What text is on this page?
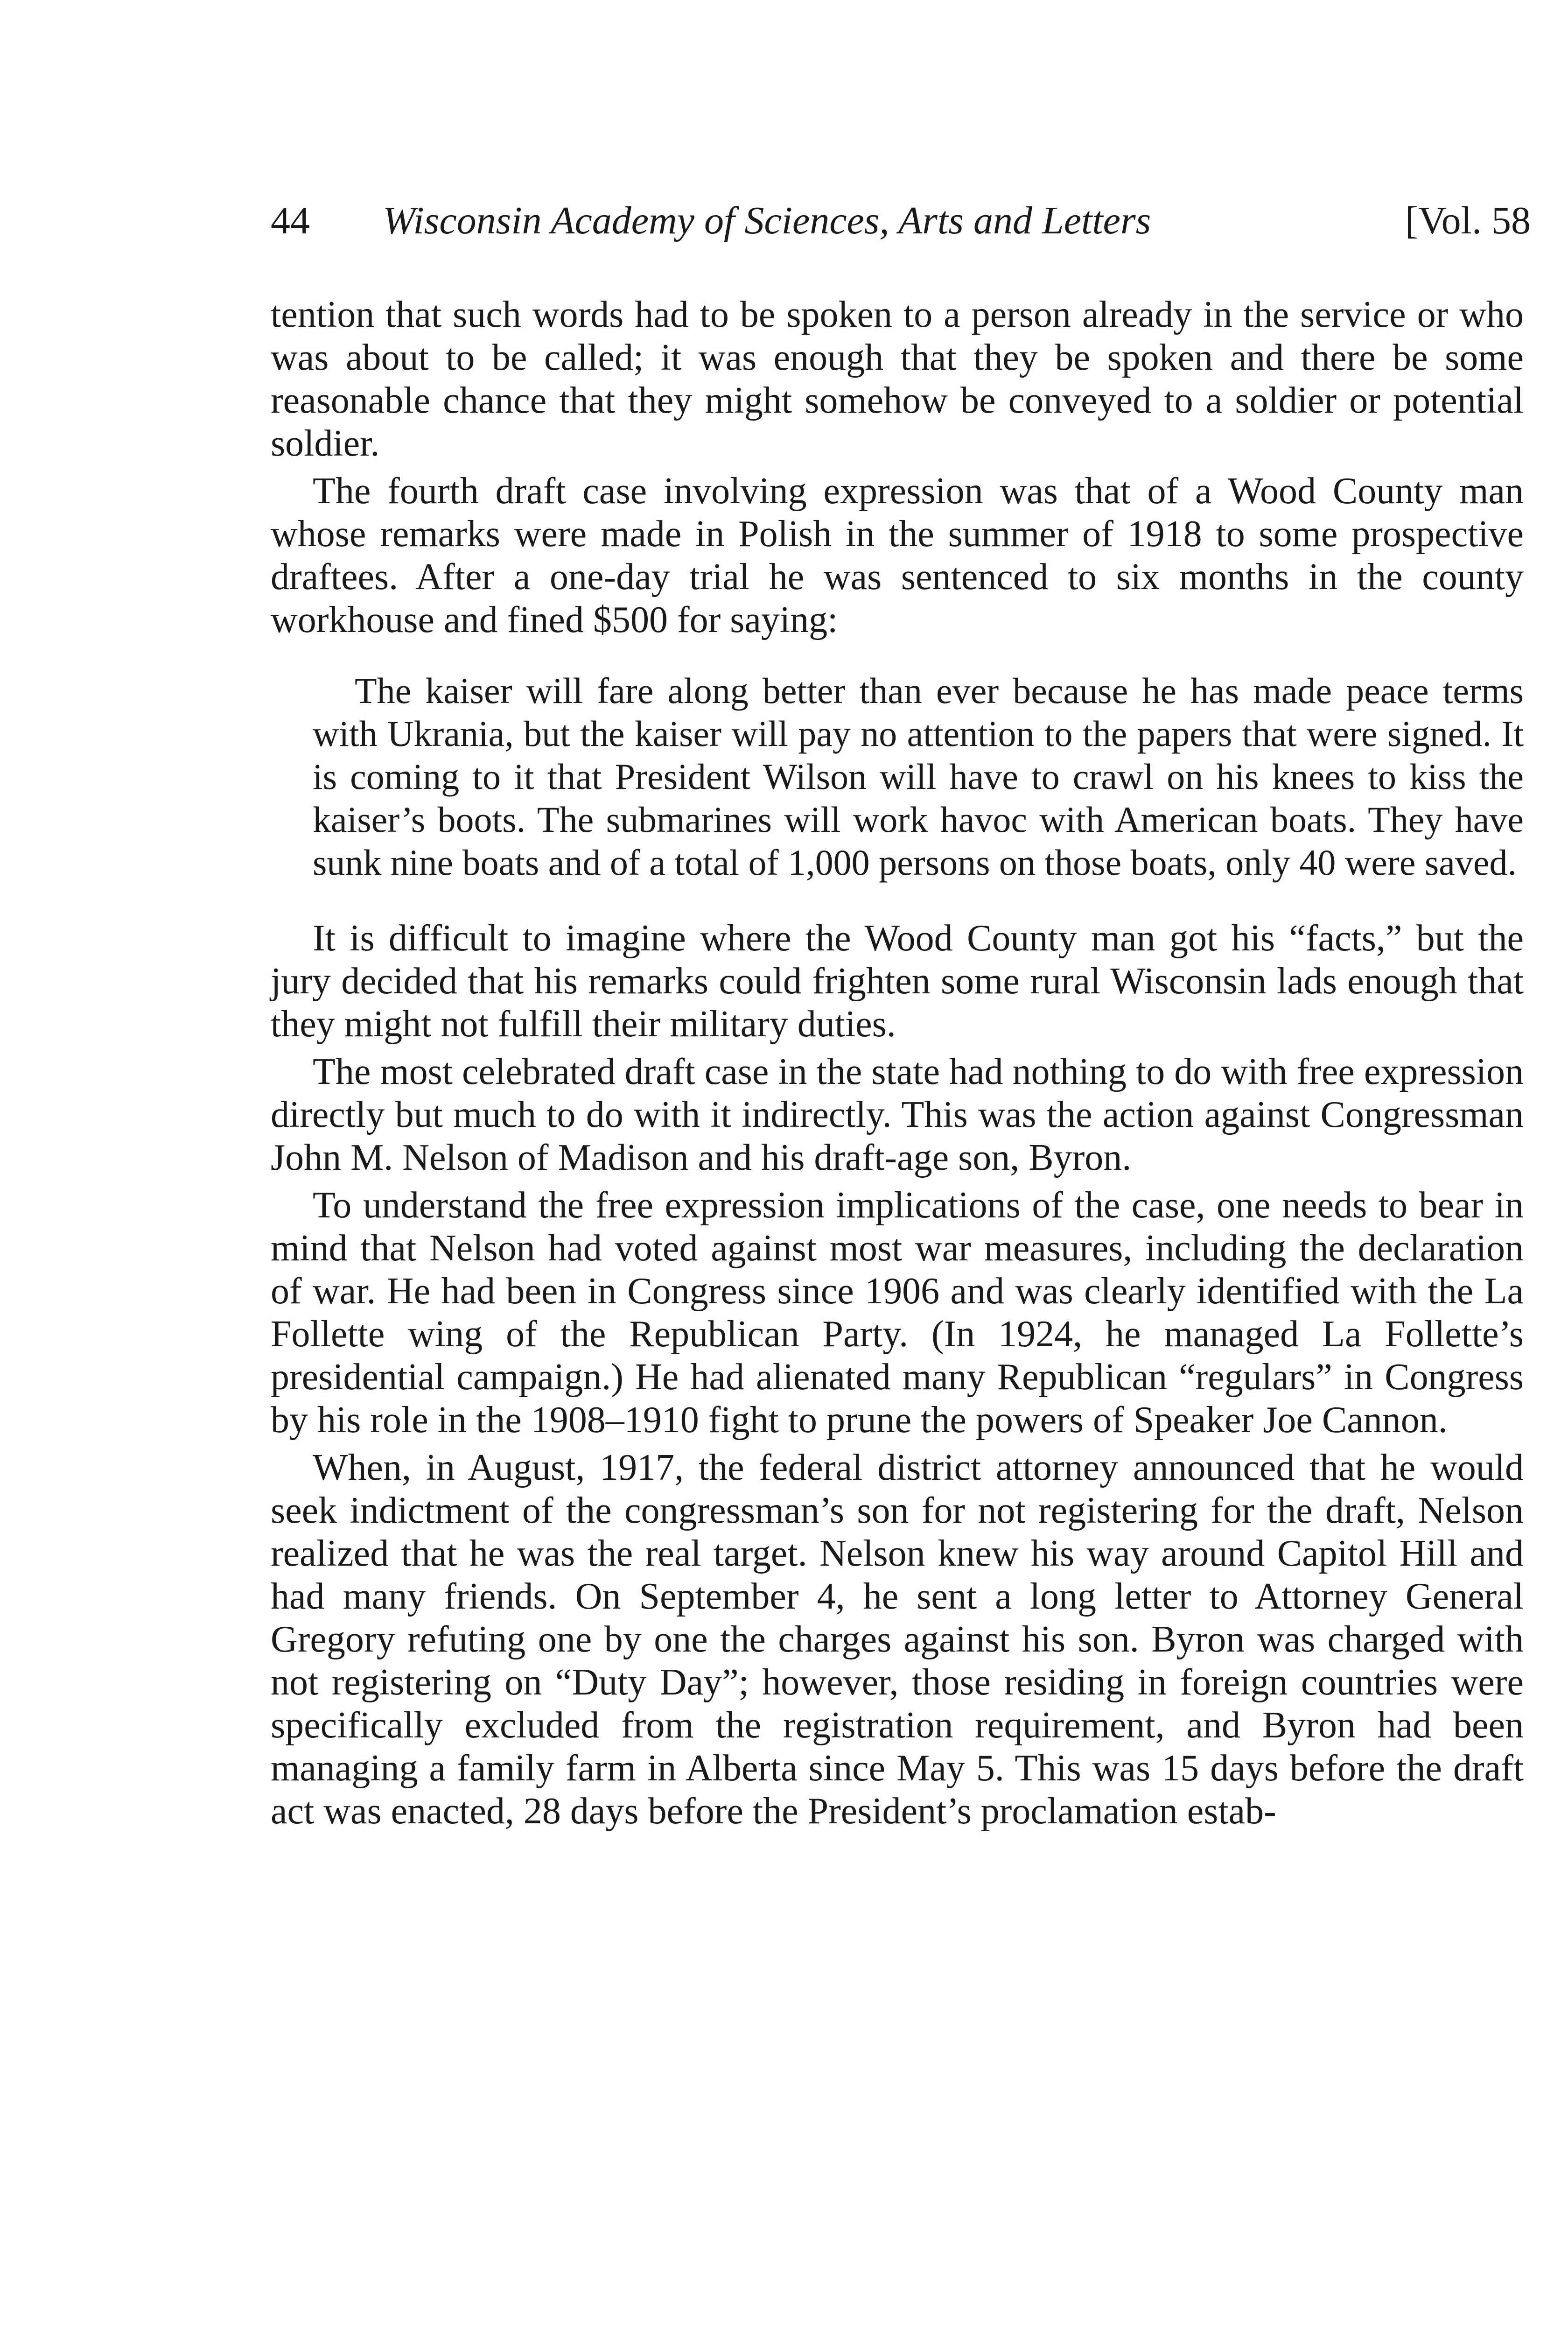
44 Wisconsin Academy of Sciences, Arts and Letters	[Vol. 58

tention that such words had to be spoken to a person already in the service or who was about to be called; it was enough that they be spoken and there be some reasonable chance that they might somehow be conveyed to a soldier or potential soldier.

The fourth draft case involving expression was that of a Wood County man whose remarks were made in Polish in the summer of 1918 to some prospective draftees. After a one-day trial he was sentenced to six months in the county workhouse and fined $500 for saying:

The kaiser will fare along better than ever because he has made peace terms with Ukrania, but the kaiser will pay no attention to the papers that were signed. It is coming to it that President Wilson will have to crawl on his knees to kiss the kaiser’s boots. The submarines will work havoc with American boats. They have sunk nine boats and of a total of 1,000 persons on those boats, only 40 were saved.

It is difficult to imagine where the Wood County man got his “facts,” but the jury decided that his remarks could frighten some rural Wisconsin lads enough that they might not fulfill their military duties.

The most celebrated draft case in the state had nothing to do with free expression directly but much to do with it indirectly. This was the action against Congressman John M. Nelson of Madison and his draft-age son, Byron.

To understand the free expression implications of the case, one needs to bear in mind that Nelson had voted against most war measures, including the declaration of war. He had been in Congress since 1906 and was clearly identified with the La Follette wing of the Republican Party. (In 1924, he managed La Follette’s presidential campaign.) He had alienated many Republican “regulars” in Congress by his role in the 1908–1910 fight to prune the powers of Speaker Joe Cannon.

When, in August, 1917, the federal district attorney announced that he would seek indictment of the congressman’s son for not registering for the draft, Nelson realized that he was the real target. Nelson knew his way around Capitol Hill and had many friends. On September 4, he sent a long letter to Attorney General Gregory refuting one by one the charges against his son. Byron was charged with not registering on “Duty Day”; however, those residing in foreign countries were specifically excluded from the registration requirement, and Byron had been managing a family farm in Alberta since May 5. This was 15 days before the draft act was enacted, 28 days before the President’s proclamation estab-
